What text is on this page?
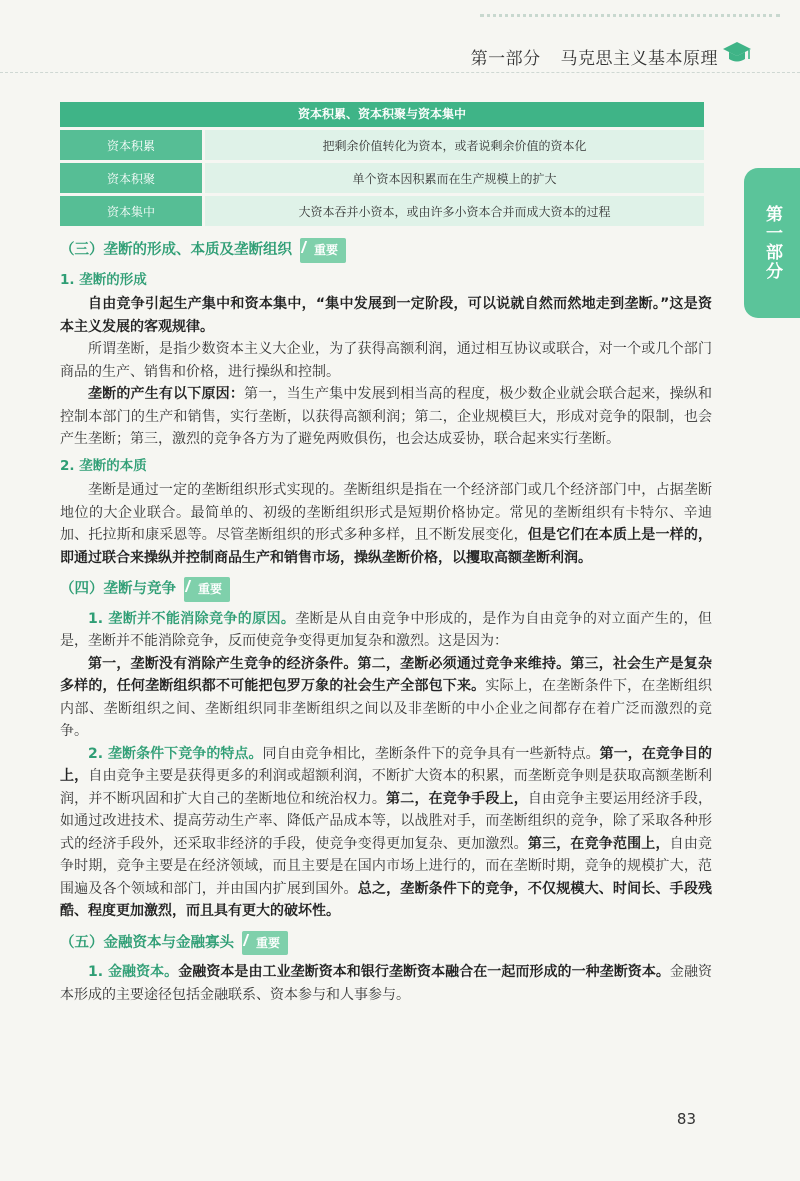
第一部分 马克思主义基本原理
第一部分
资本积累、资本积聚与资本集中
资本积累	把剩余价值转化为资本，或者说剩余价值的资本化
资本积聚	单个资本因积累而在生产规模上的扩大
资本集中	大资本吞并小资本，或由许多小资本合并而成大资本的过程
（三）垄断的形成、本质及垄断组织	重要
1. 垄断的形成

自由竞争引起生产集中和资本集中，“集中发展到一定阶段，可以说就自然而然地走到垄断。”这是资本主义发展的客观规律。

所谓垄断，是指少数资本主义大企业，为了获得高额利润，通过相互协议或联合，对一个或几个部门商品的生产、销售和价格，进行操纵和控制。

垄断的产生有以下原因：第一，当生产集中发展到相当高的程度，极少数企业就会联合起来，操纵和控制本部门的生产和销售，实行垄断，以获得高额利润；第二，企业规模巨大，形成对竞争的限制，也会产生垄断；第三，激烈的竞争各方为了避免两败俱伤，也会达成妥协，联合起来实行垄断。

2. 垄断的本质

垄断是通过一定的垄断组织形式实现的。垄断组织是指在一个经济部门或几个经济部门中，占据垄断地位的大企业联合。最简单的、初级的垄断组织形式是短期价格协定。常见的垄断组织有卡特尔、辛迪加、托拉斯和康采恩等。尽管垄断组织的形式多种多样，且不断发展变化，但是它们在本质上是一样的，即通过联合来操纵并控制商品生产和销售市场，操纵垄断价格，以攫取高额垄断利润。

（四）垄断与竞争	重要

1. 垄断并不能消除竞争的原因。垄断是从自由竞争中形成的，是作为自由竞争的对立面产生的，但是，垄断并不能消除竞争，反而使竞争变得更加复杂和激烈。这是因为：

第一，垄断没有消除产生竞争的经济条件。第二，垄断必须通过竞争来维持。第三，社会生产是复杂多样的，任何垄断组织都不可能把包罗万象的社会生产全部包下来。实际上，在垄断条件下，在垄断组织内部、垄断组织之间、垄断组织同非垄断组织之间以及非垄断的中小企业之间都存在着广泛而激烈的竞争。

2. 垄断条件下竞争的特点。同自由竞争相比，垄断条件下的竞争具有一些新特点。第一，在竞争目的上，自由竞争主要是获得更多的利润或超额利润，不断扩大资本的积累，而垄断竞争则是获取高额垄断利润，并不断巩固和扩大自己的垄断地位和统治权力。第二，在竞争手段上，自由竞争主要运用经济手段，如通过改进技术、提高劳动生产率、降低产品成本等，以战胜对手，而垄断组织的竞争，除了采取各种形式的经济手段外，还采取非经济的手段，使竞争变得更加复杂、更加激烈。第三，在竞争范围上，自由竞争时期，竞争主要是在经济领域，而且主要是在国内市场上进行的，而在垄断时期，竞争的规模扩大，范围遍及各个领域和部门，并由国内扩展到国外。总之，垄断条件下的竞争，不仅规模大、时间长、手段残酷、程度更加激烈，而且具有更大的破坏性。

（五）金融资本与金融寡头	重要

1. 金融资本。金融资本是由工业垄断资本和银行垄断资本融合在一起而形成的一种垄断资本。金融资本形成的主要途径包括金融联系、资本参与和人事参与。

83
